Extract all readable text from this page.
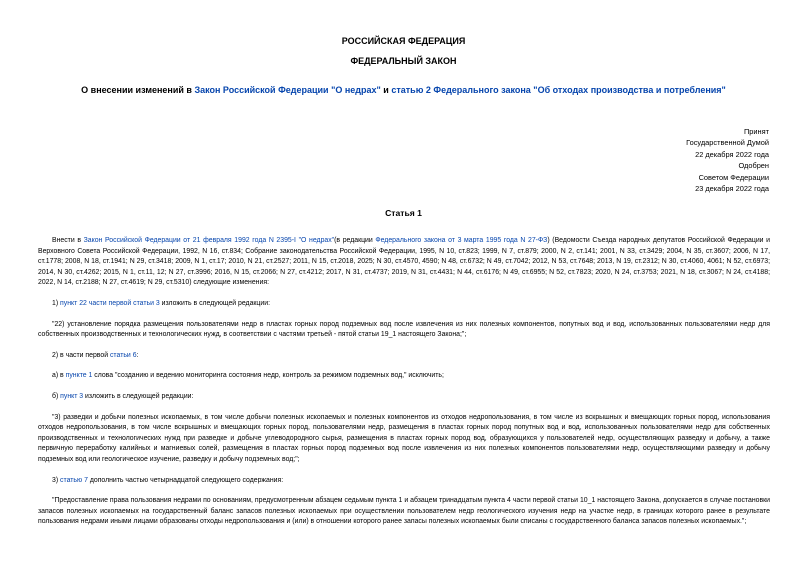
РОССИЙСКАЯ ФЕДЕРАЦИЯ
ФЕДЕРАЛЬНЫЙ ЗАКОН
О внесении изменений в Закон Российской Федерации "О недрах" и статью 2 Федерального закона "Об отходах производства и потребления"
Принят
Государственной Думой
22 декабря 2022 года
Одобрен
Советом Федерации
23 декабря 2022 года
Статья 1

Внести в Закон Российской Федерации от 21 февраля 1992 года N 2395-I "О недрах"(в редакции Федерального закона от 3 марта 1995 года N 27-ФЗ) (Ведомости Съезда народных депутатов Российской Федерации и Верховного Совета Российской Федерации, 1992, N 16, ст.834; Собрание законодательства Российской Федерации, 1995, N 10, ст.823; 1999, N 7, ст.879; 2000, N 2, ст.141; 2001, N 33, ст.3429; 2004, N 35, ст.3607; 2006, N 17, ст.1778; 2008, N 18, ст.1941; N 29, ст.3418; 2009, N 1, ст.17; 2010, N 21, ст.2527; 2011, N 15, ст.2018, 2025; N 30, ст.4570, 4590; N 48, ст.6732; N 49, ст.7042; 2012, N 53, ст.7648; 2013, N 19, ст.2312; N 30, ст.4060, 4061; N 52, ст.6973; 2014, N 30, ст.4262; 2015, N 1, ст.11, 12; N 27, ст.3996; 2016, N 15, ст.2066; N 27, ст.4212; 2017, N 31, ст.4737; 2019, N 31, ст.4431; N 44, ст.6176; N 49, ст.6955; N 52, ст.7823; 2020, N 24, ст.3753; 2021, N 18, ст.3067; N 24, ст.4188; 2022, N 14, ст.2188; N 27, ст.4619; N 29, ст.5310) следующие изменения:

1) пункт 22 части первой статьи 3 изложить в следующей редакции:

"22) установление порядка размещения пользователями недр в пластах горных пород подземных вод после извлечения из них полезных компонентов, попутных вод и вод, использованных пользователями недр для собственных производственных и технологических нужд, в соответствии с частями третьей - пятой статьи 19_1 настоящего Закона;";

2) в части первой статьи 6:

а) в пункте 1 слова "созданию и ведению мониторинга состояния недр, контроль за режимом подземных вод," исключить;

б) пункт 3 изложить в следующей редакции:

"3) разведки и добычи полезных ископаемых, в том числе добычи полезных ископаемых и полезных компонентов из отходов недропользования, в том числе из вскрышных и вмещающих горных пород, использования отходов недропользования, в том числе вскрышных и вмещающих горных пород, пользователями недр, размещения в пластах горных пород попутных вод и вод, использованных пользователями недр для собственных производственных и технологических нужд при разведке и добыче углеводородного сырья, размещения в пластах горных пород вод, образующихся у пользователей недр, осуществляющих разведку и добычу, а также первичную переработку калийных и магниевых солей, размещения в пластах горных пород подземных вод после извлечения из них полезных компонентов пользователями недр, осуществляющими разведку и добычу подземных вод или геологическое изучение, разведку и добычу подземных вод;";

3) статью 7 дополнить частью четырнадцатой следующего содержания:

"Предоставление права пользования недрами по основаниям, предусмотренным абзацем седьмым пункта 1 и абзацем тринадцатым пункта 4 части первой статьи 10_1 настоящего Закона, допускается в случае постановки запасов полезных ископаемых на государственный баланс запасов полезных ископаемых при осуществлении пользователем недр геологического изучения недр на участке недр, в границах которого ранее в результате пользования недрами иными лицами образованы отходы недропользования и (или) в отношении которого ранее запасы полезных ископаемых были списаны с государственного баланса запасов полезных ископаемых.";
